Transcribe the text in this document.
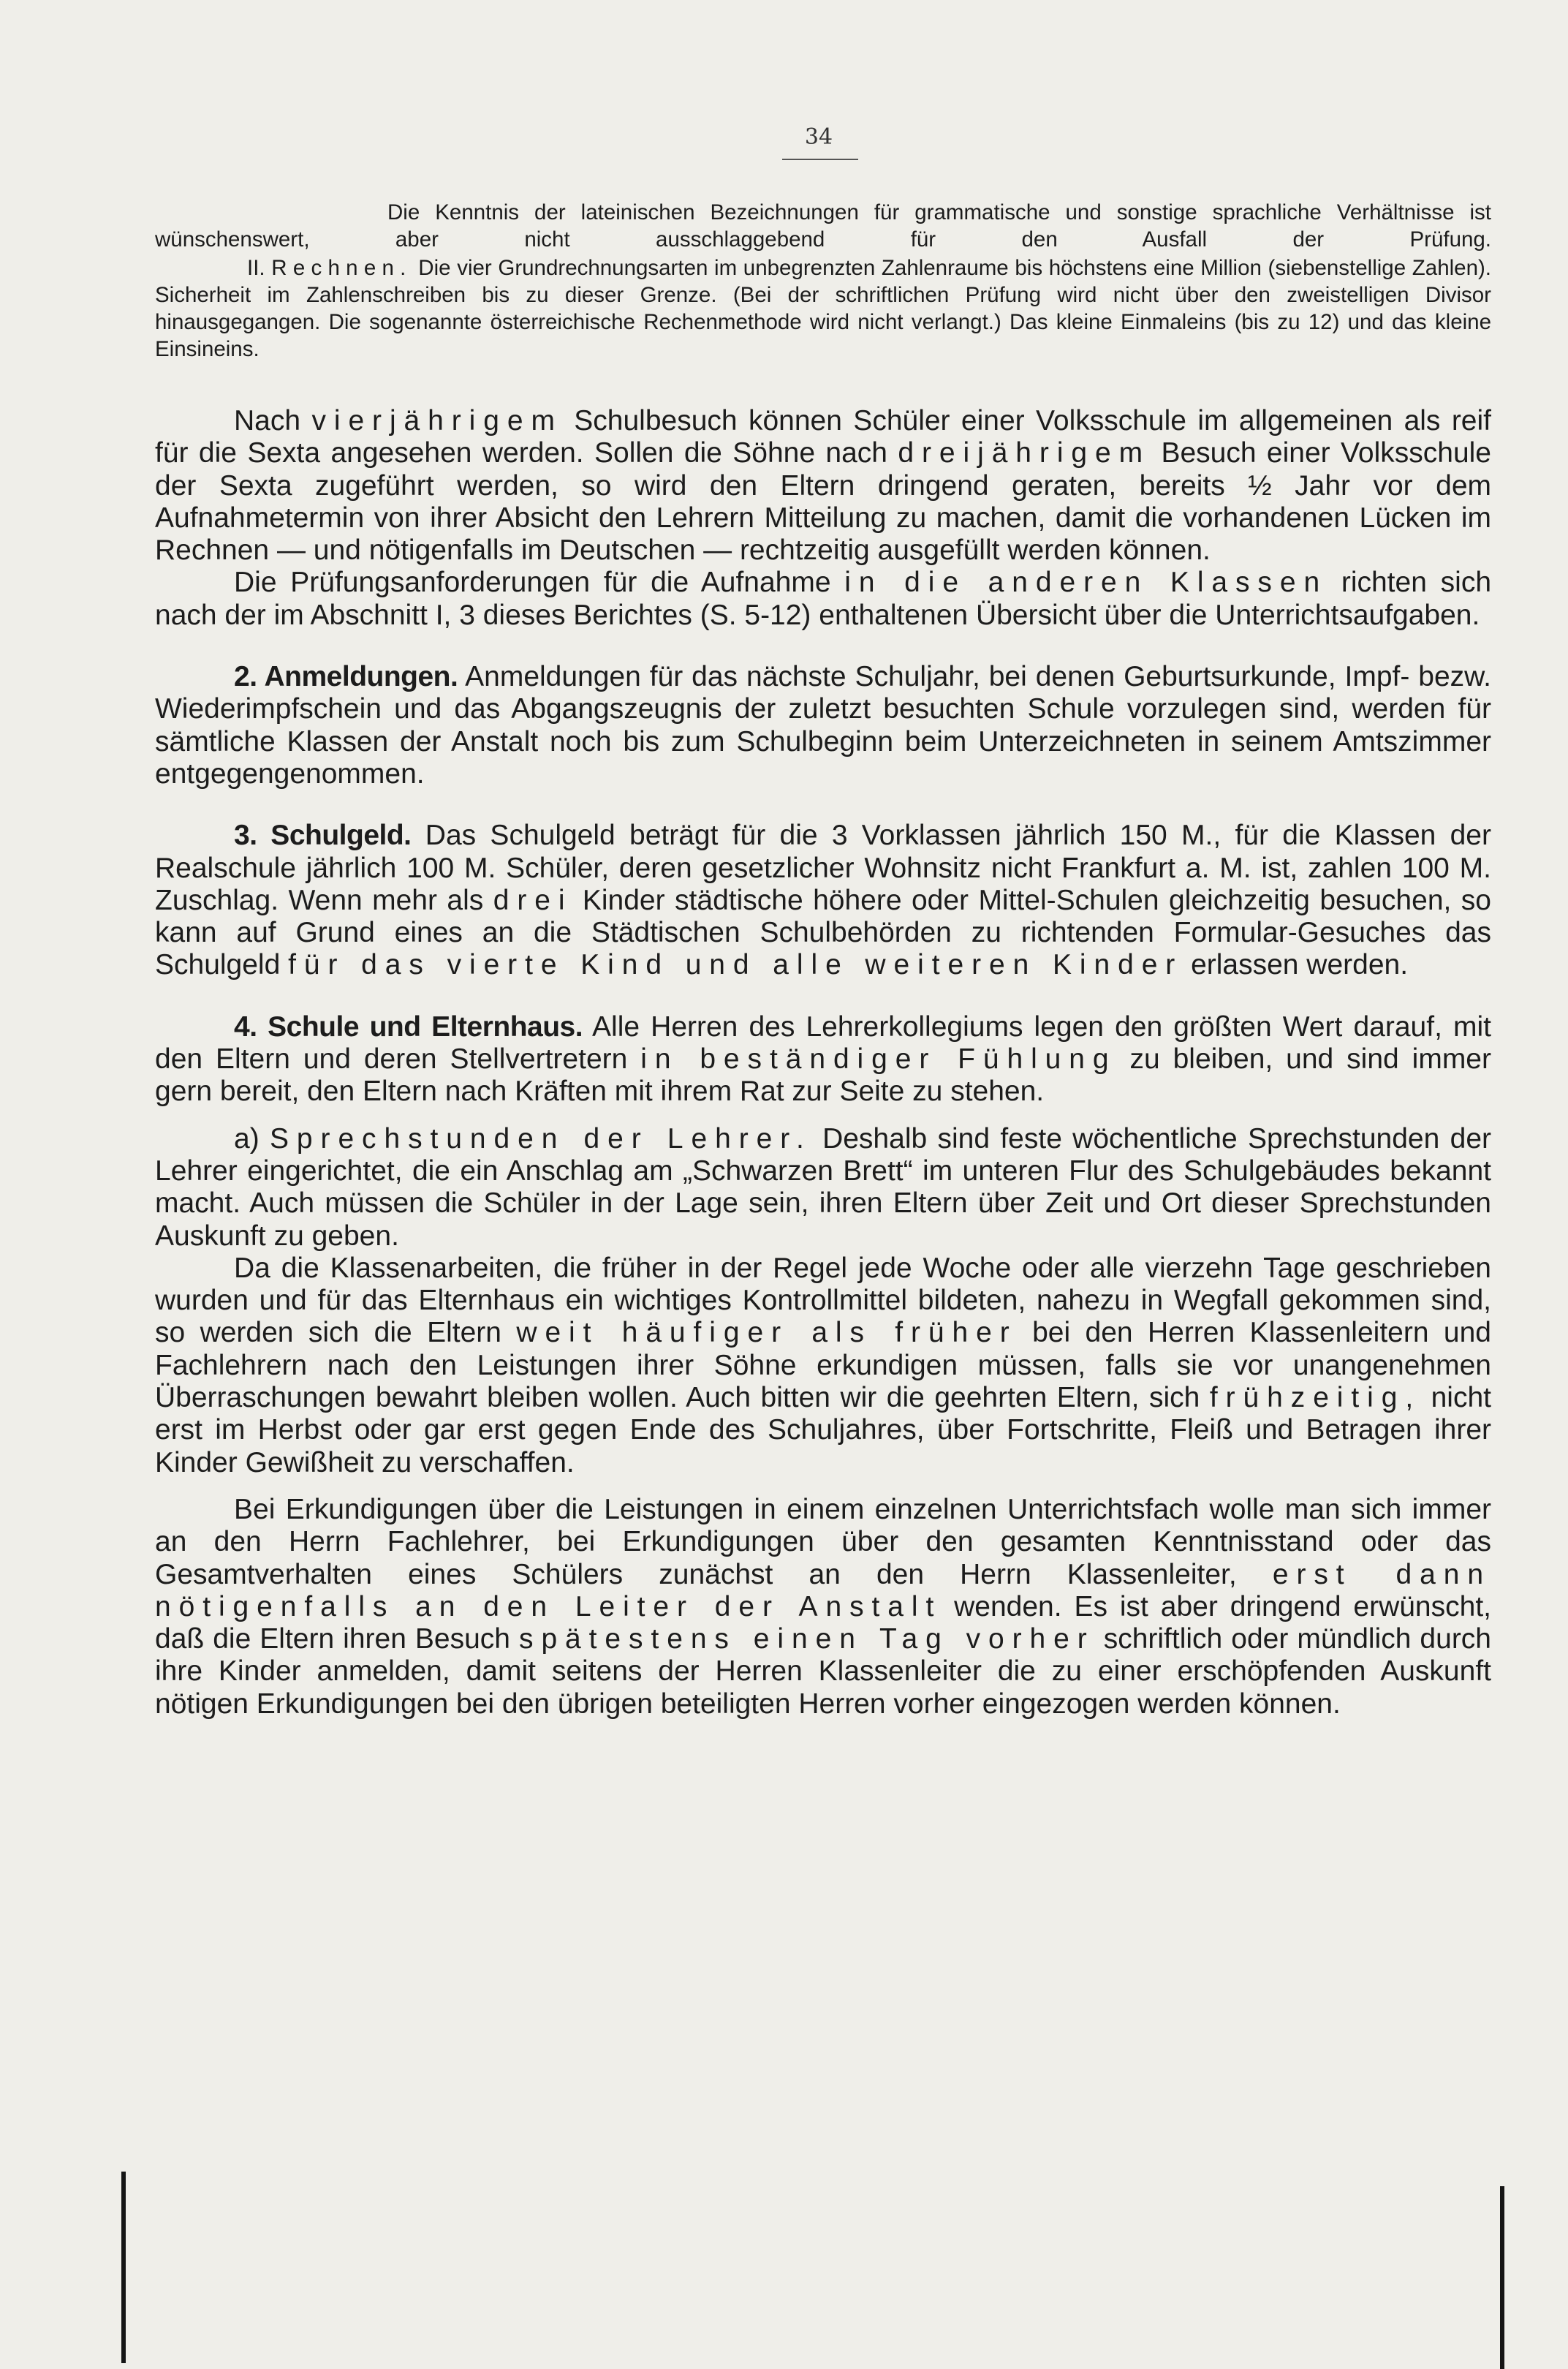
34

Die Kenntnis der lateinischen Bezeichnungen für grammatische und sonstige sprachliche Verhältnisse ist wünschenswert, aber nicht ausschlaggebend für den Ausfall der Prüfung.

II. Rechnen. Die vier Grundrechnungsarten im unbegrenzten Zahlenraume bis höchstens eine Million (siebenstellige Zahlen). Sicherheit im Zahlenschreiben bis zu dieser Grenze. (Bei der schriftlichen Prüfung wird nicht über den zweistelligen Divisor hinausgegangen. Die sogenannte österreichische Rechenmethode wird nicht verlangt.) Das kleine Einmaleins (bis zu 12) und das kleine Einsineins.

Nach vierjährigem Schulbesuch können Schüler einer Volksschule im allgemeinen als reif für die Sexta angesehen werden. Sollen die Söhne nach dreijährigem Besuch einer Volksschule der Sexta zugeführt werden, so wird den Eltern dringend geraten, bereits ½ Jahr vor dem Aufnahmetermin von ihrer Absicht den Lehrern Mitteilung zu machen, damit die vorhandenen Lücken im Rechnen — und nötigenfalls im Deutschen — rechtzeitig ausgefüllt werden können.

Die Prüfungsanforderungen für die Aufnahme in die anderen Klassen richten sich nach der im Abschnitt I, 3 dieses Berichtes (S. 5-12) enthaltenen Übersicht über die Unterrichtsaufgaben.

2. Anmeldungen. Anmeldungen für das nächste Schuljahr, bei denen Geburtsurkunde, Impf- bezw. Wiederimpfschein und das Abgangszeugnis der zuletzt besuchten Schule vorzulegen sind, werden für sämtliche Klassen der Anstalt noch bis zum Schulbeginn beim Unterzeichneten in seinem Amtszimmer entgegengenommen.

3. Schulgeld. Das Schulgeld beträgt für die 3 Vorklassen jährlich 150 M., für die Klassen der Realschule jährlich 100 M. Schüler, deren gesetzlicher Wohnsitz nicht Frankfurt a. M. ist, zahlen 100 M. Zuschlag. Wenn mehr als drei Kinder städtische höhere oder Mittel-Schulen gleichzeitig besuchen, so kann auf Grund eines an die Städtischen Schulbehörden zu richtenden Formular-Gesuches das Schulgeld für das vierte Kind und alle weiteren Kinder erlassen werden.

4. Schule und Elternhaus. Alle Herren des Lehrerkollegiums legen den größten Wert darauf, mit den Eltern und deren Stellvertretern in beständiger Fühlung zu bleiben, und sind immer gern bereit, den Eltern nach Kräften mit ihrem Rat zur Seite zu stehen.

a) Sprechstunden der Lehrer. Deshalb sind feste wöchentliche Sprechstunden der Lehrer eingerichtet, die ein Anschlag am „Schwarzen Brett“ im unteren Flur des Schulgebäudes bekannt macht. Auch müssen die Schüler in der Lage sein, ihren Eltern über Zeit und Ort dieser Sprechstunden Auskunft zu geben.

Da die Klassenarbeiten, die früher in der Regel jede Woche oder alle vierzehn Tage geschrieben wurden und für das Elternhaus ein wichtiges Kontrollmittel bildeten, nahezu in Wegfall gekommen sind, so werden sich die Eltern weit häufiger als früher bei den Herren Klassenleitern und Fachlehrern nach den Leistungen ihrer Söhne erkundigen müssen, falls sie vor unangenehmen Überraschungen bewahrt bleiben wollen. Auch bitten wir die geehrten Eltern, sich frühzeitig, nicht erst im Herbst oder gar erst gegen Ende des Schuljahres, über Fortschritte, Fleiß und Betragen ihrer Kinder Gewißheit zu verschaffen.

Bei Erkundigungen über die Leistungen in einem einzelnen Unterrichtsfach wolle man sich immer an den Herrn Fachlehrer, bei Erkundigungen über den gesamten Kenntnisstand oder das Gesamtverhalten eines Schülers zunächst an den Herrn Klassenleiter, erst dann nötigenfalls an den Leiter der Anstalt wenden. Es ist aber dringend erwünscht, daß die Eltern ihren Besuch spätestens einen Tag vorher schriftlich oder mündlich durch ihre Kinder anmelden, damit seitens der Herren Klassenleiter die zu einer erschöpfenden Auskunft nötigen Erkundigungen bei den übrigen beteiligten Herren vorher eingezogen werden können.
